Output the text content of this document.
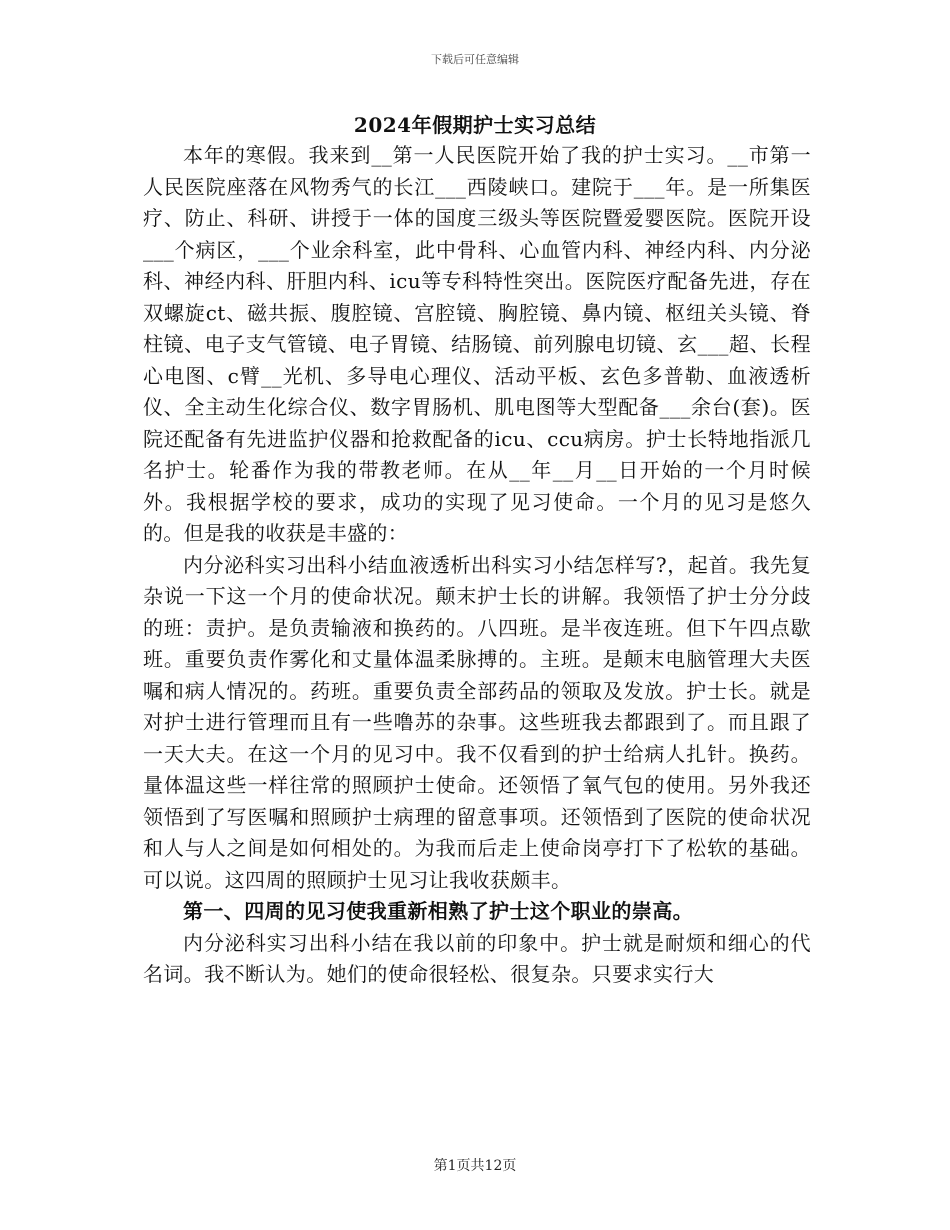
下载后可任意编辑
2024年假期护士实习总结

本年的寒假。我来到__第一人民医院开始了我的护士实习。__市第一人民医院座落在风物秀气的长江___西陵峡口。建院于___年。是一所集医疗、防止、科研、讲授于一体的国度三级头等医院暨爱婴医院。医院开设___个病区，___个业余科室，此中骨科、心血管内科、神经内科、内分泌科、神经内科、肝胆内科、icu等专科特性突出。医院医疗配备先进，存在双螺旋ct、磁共振、腹腔镜、宫腔镜、胸腔镜、鼻内镜、枢纽关头镜、脊柱镜、电子支气管镜、电子胃镜、结肠镜、前列腺电切镜、玄___超、长程心电图、c臂__光机、多导电心理仪、活动平板、玄色多普勒、血液透析仪、全主动生化综合仪、数字胃肠机、肌电图等大型配备___余台(套)。医院还配备有先进监护仪器和抢救配备的icu、ccu病房。护士长特地指派几名护士。轮番作为我的带教老师。在从__年__月__日开始的一个月时候外。我根据学校的要求，成功的实现了见习使命。一个月的见习是悠久的。但是我的收获是丰盛的：

内分泌科实习出科小结血液透析出科实习小结怎样写?，起首。我先复杂说一下这一个月的使命状况。颠末护士长的讲解。我领悟了护士分分歧的班：责护。是负责输液和换药的。八四班。是半夜连班。但下午四点歇班。重要负责作雾化和丈量体温柔脉搏的。主班。是颠末电脑管理大夫医嘱和病人情况的。药班。重要负责全部药品的领取及发放。护士长。就是对护士进行管理而且有一些噜苏的杂事。这些班我去都跟到了。而且跟了一天大夫。在这一个月的见习中。我不仅看到的护士给病人扎针。换药。量体温这些一样往常的照顾护士使命。还领悟了氧气包的使用。另外我还领悟到了写医嘱和照顾护士病理的留意事项。还领悟到了医院的使命状况和人与人之间是如何相处的。为我而后走上使命岗亭打下了松软的基础。可以说。这四周的照顾护士见习让我收获颇丰。

第一、四周的见习使我重新相熟了护士这个职业的崇高。

内分泌科实习出科小结在我以前的印象中。护士就是耐烦和细心的代名词。我不断认为。她们的使命很轻松、很复杂。只要求实行大

第1页共12页
